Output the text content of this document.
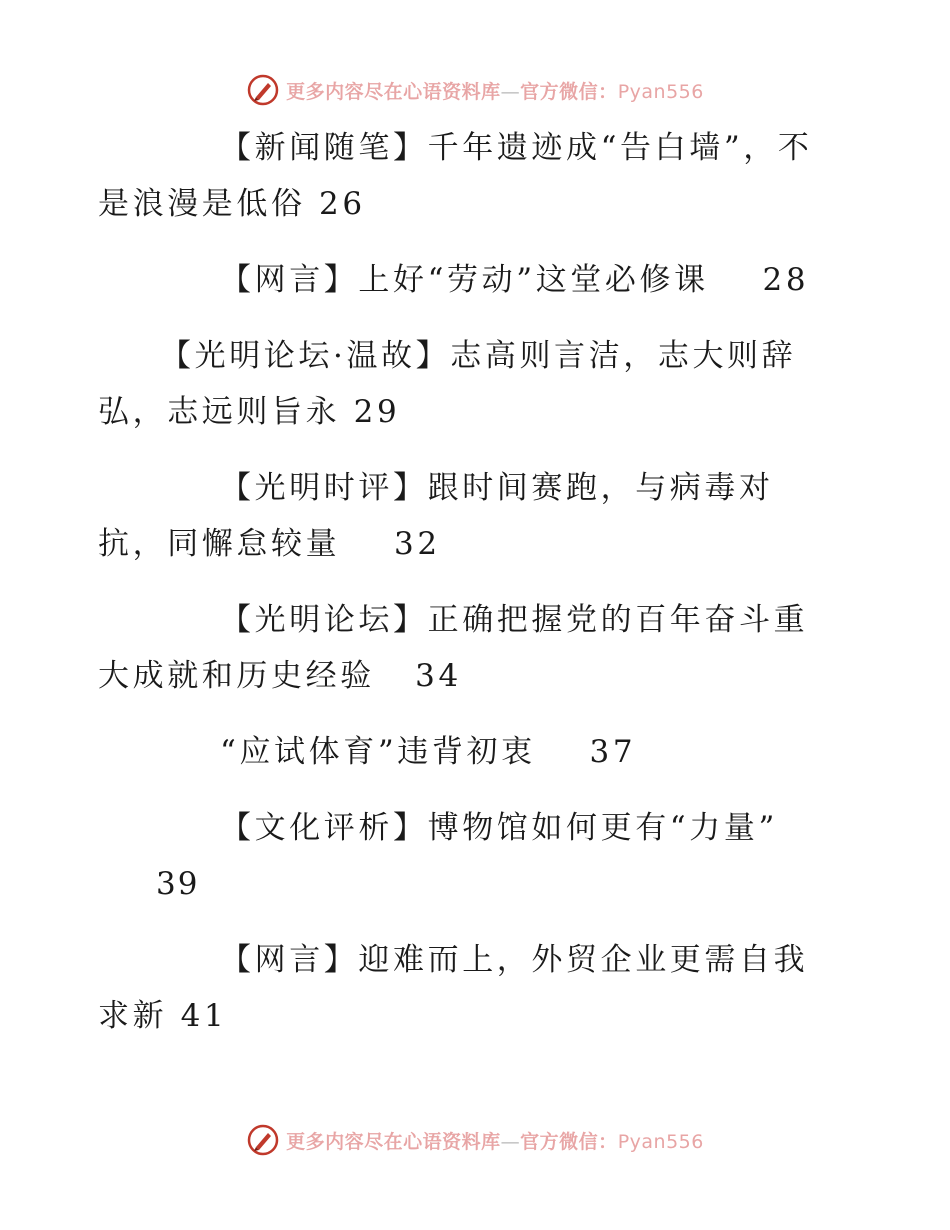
更多内容尽在心语资料库—官方微信：Pyan556

【新闻随笔】千年遗迹成“告白墙”，不是浪漫是低俗 26

【网言】上好“劳动”这堂必修课    28

【光明论坛·温故】志高则言洁，志大则辞弘，志远则旨永 29

【光明时评】跟时间赛跑，与病毒对抗，同懈怠较量    32

【光明论坛】正确把握党的百年奋斗重大成就和历史经验   34

“应试体育”违背初衷    37

【文化评析】博物馆如何更有“力量”

39

【网言】迎难而上，外贸企业更需自我求新 41

更多内容尽在心语资料库—官方微信：Pyan556
